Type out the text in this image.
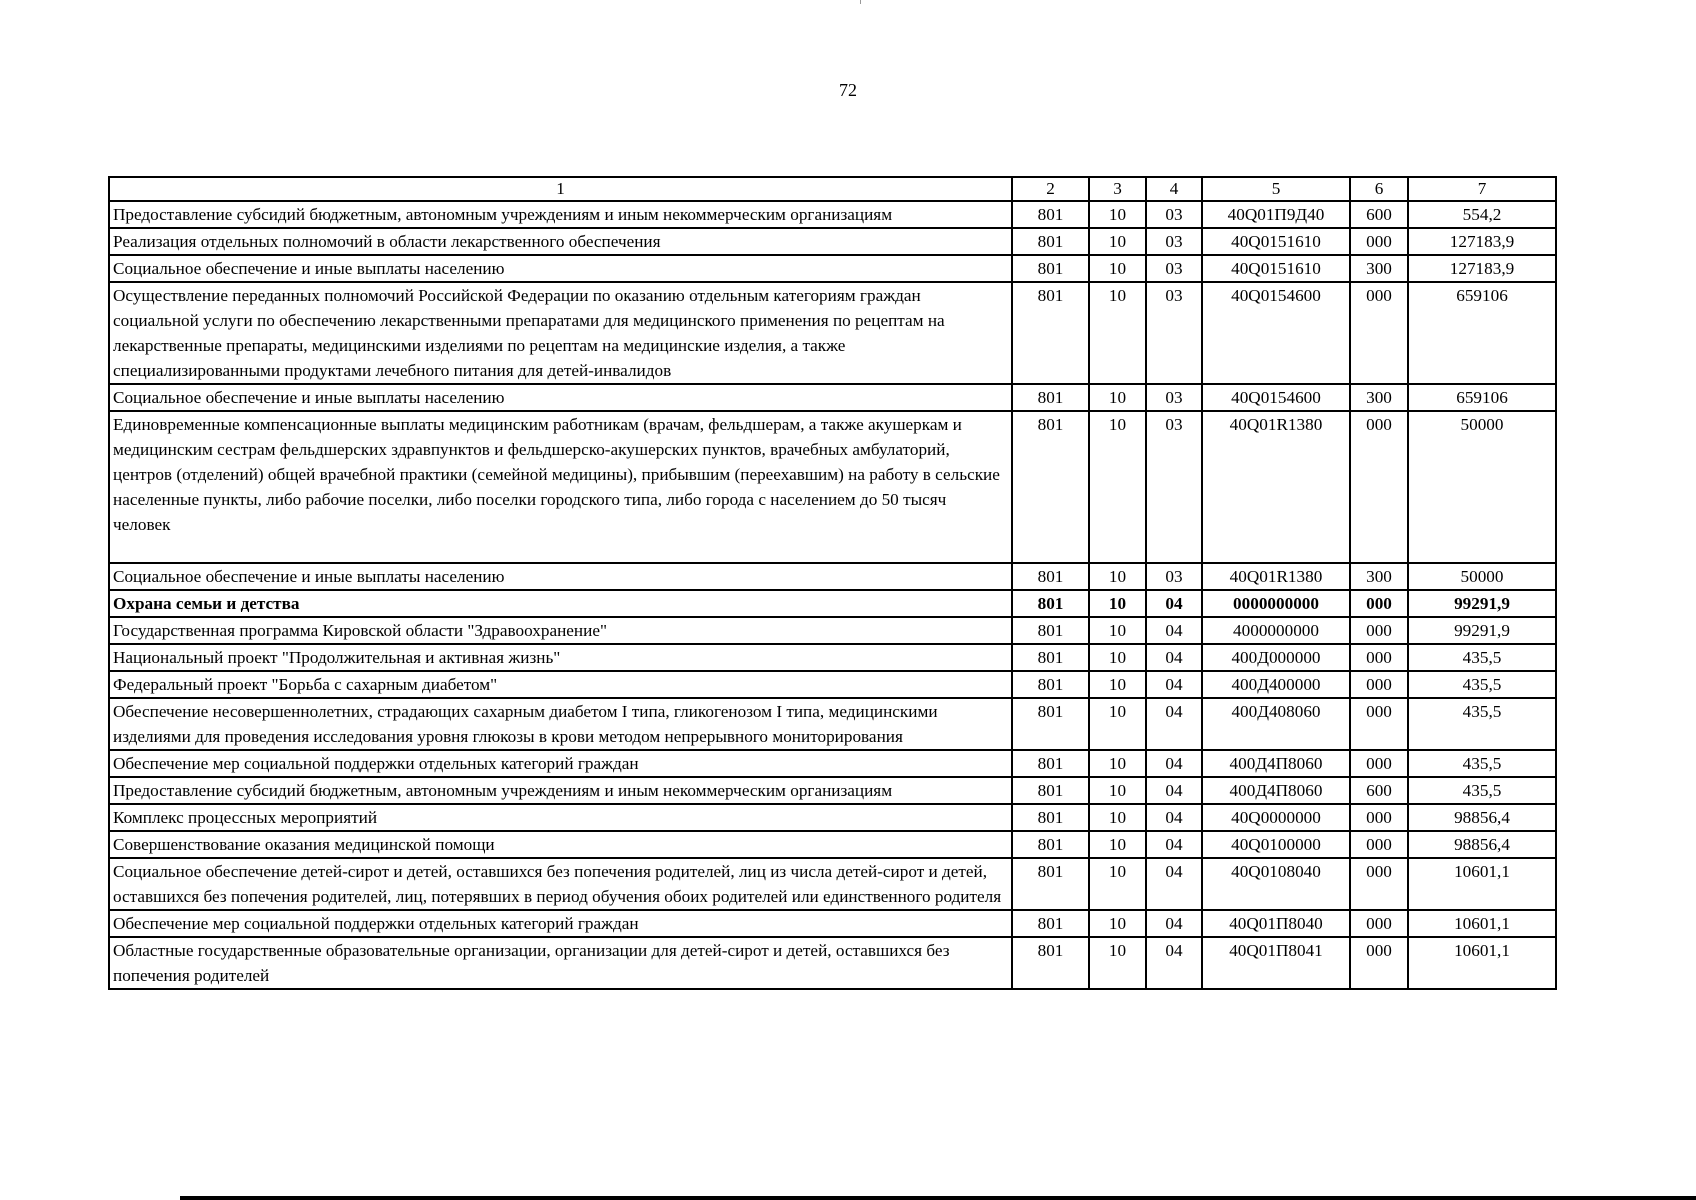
72
1	2	3	4	5	6	7
Предоставление субсидий бюджетным, автономным учреждениям и иным некоммерческим организациям	801	10	03	40Q01П9Д40	600	554,2
Реализация отдельных полномочий в области лекарственного обеспечения	801	10	03	40Q0151610	000	127183,9
Социальное обеспечение и иные выплаты населению	801	10	03	40Q0151610	300	127183,9
Осуществление переданных полномочий Российской Федерации по оказанию отдельным категориям граждан социальной услуги по обеспечению лекарственными препаратами для медицинского применения по рецептам на лекарственные препараты, медицинскими изделиями по рецептам на медицинские изделия, а также специализированными продуктами лечебного питания для детей-инвалидов	801	10	03	40Q0154600	000	659106
Социальное обеспечение и иные выплаты населению	801	10	03	40Q0154600	300	659106
Единовременные компенсационные выплаты медицинским работникам (врачам, фельдшерам, а также акушеркам и медицинским сестрам фельдшерских здравпунктов и фельдшерско-акушерских пунктов, врачебных амбулаторий, центров (отделений) общей врачебной практики (семейной медицины), прибывшим (переехавшим) на работу в сельские населенные пункты, либо рабочие поселки, либо поселки городского типа, либо города с населением до 50 тысяч человек	801	10	03	40Q01R1380	000	50000
Социальное обеспечение и иные выплаты населению	801	10	03	40Q01R1380	300	50000
Охрана семьи и детства	801	10	04	0000000000	000	99291,9
Государственная программа Кировской области "Здравоохранение"	801	10	04	4000000000	000	99291,9
Национальный проект "Продолжительная и активная жизнь"	801	10	04	400Д000000	000	435,5
Федеральный проект "Борьба с сахарным диабетом"	801	10	04	400Д400000	000	435,5
Обеспечение несовершеннолетних, страдающих сахарным диабетом I типа, гликогенозом I типа, медицинскими изделиями для проведения исследования уровня глюкозы в крови методом непрерывного мониторирования	801	10	04	400Д408060	000	435,5
Обеспечение мер социальной поддержки отдельных категорий граждан	801	10	04	400Д4П8060	000	435,5
Предоставление субсидий бюджетным, автономным учреждениям и иным некоммерческим организациям	801	10	04	400Д4П8060	600	435,5
Комплекс процессных мероприятий	801	10	04	40Q0000000	000	98856,4
Совершенствование оказания медицинской помощи	801	10	04	40Q0100000	000	98856,4
Социальное обеспечение детей-сирот и детей, оставшихся без попечения родителей, лиц из числа детей-сирот и детей, оставшихся без попечения родителей, лиц, потерявших в период обучения обоих родителей или единственного родителя	801	10	04	40Q0108040	000	10601,1
Обеспечение мер социальной поддержки отдельных категорий граждан	801	10	04	40Q01П8040	000	10601,1
Областные государственные образовательные организации, организации для детей-сирот и детей, оставшихся без попечения родителей	801	10	04	40Q01П8041	000	10601,1
